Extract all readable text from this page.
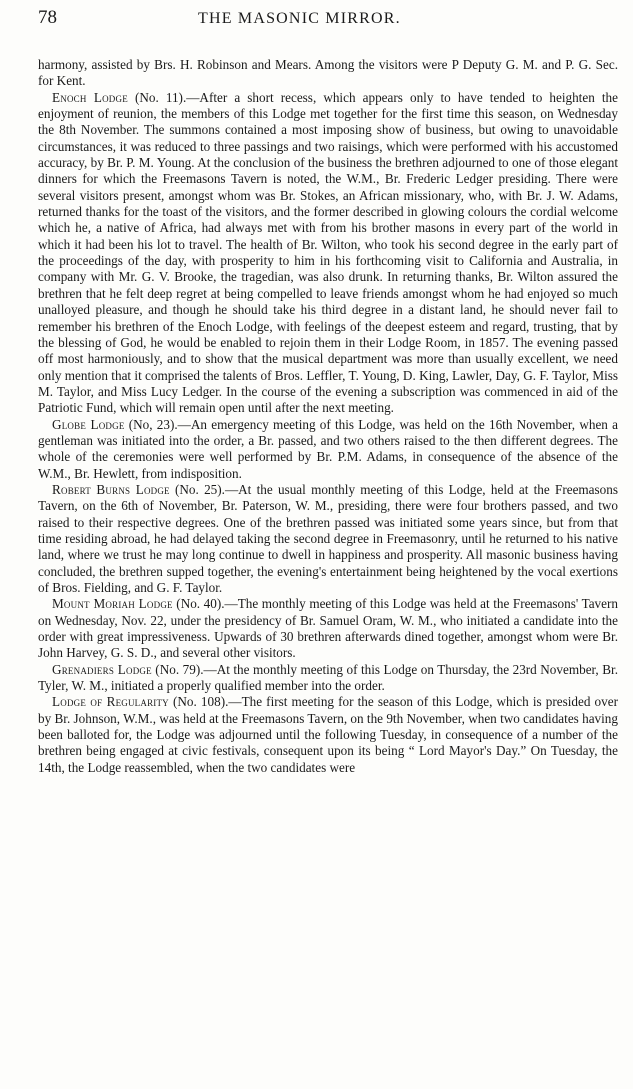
78	THE MASONIC MIRROR.

harmony, assisted by Brs. H. Robinson and Mears. Among the visitors were P Deputy G. M. and P. G. Sec. for Kent.

Enoch Lodge (No. 11).—After a short recess, which appears only to have tended to heighten the enjoyment of reunion, the members of this Lodge met together for the first time this season, on Wednesday the 8th November. The summons contained a most imposing show of business, but owing to unavoidable circumstances, it was reduced to three passings and two raisings, which were performed with his accustomed accuracy, by Br. P. M. Young. At the conclusion of the business the brethren adjourned to one of those elegant dinners for which the Freemasons Tavern is noted, the W.M., Br. Frederic Ledger presiding. There were several visitors present, amongst whom was Br. Stokes, an African missionary, who, with Br. J. W. Adams, returned thanks for the toast of the visitors, and the former described in glowing colours the cordial welcome which he, a native of Africa, had always met with from his brother masons in every part of the world in which it had been his lot to travel. The health of Br. Wilton, who took his second degree in the early part of the proceedings of the day, with prosperity to him in his forthcoming visit to California and Australia, in company with Mr. G. V. Brooke, the tragedian, was also drunk. In returning thanks, Br. Wilton assured the brethren that he felt deep regret at being compelled to leave friends amongst whom he had enjoyed so much unalloyed pleasure, and though he should take his third degree in a distant land, he should never fail to remember his brethren of the Enoch Lodge, with feelings of the deepest esteem and regard, trusting, that by the blessing of God, he would be enabled to rejoin them in their Lodge Room, in 1857. The evening passed off most harmoniously, and to show that the musical department was more than usually excellent, we need only mention that it comprised the talents of Bros. Leffler, T. Young, D. King, Lawler, Day, G. F. Taylor, Miss M. Taylor, and Miss Lucy Ledger. In the course of the evening a subscription was commenced in aid of the Patriotic Fund, which will remain open until after the next meeting.

Globe Lodge (No, 23).—An emergency meeting of this Lodge, was held on the 16th November, when a gentleman was initiated into the order, a Br. passed, and two others raised to the then different degrees. The whole of the ceremonies were well performed by Br. P.M. Adams, in consequence of the absence of the W.M., Br. Hewlett, from indisposition.

Robert Burns Lodge (No. 25).—At the usual monthly meeting of this Lodge, held at the Freemasons Tavern, on the 6th of November, Br. Paterson, W. M., presiding, there were four brothers passed, and two raised to their respective degrees. One of the brethren passed was initiated some years since, but from that time residing abroad, he had delayed taking the second degree in Freemasonry, until he returned to his native land, where we trust he may long continue to dwell in happiness and prosperity. All masonic business having concluded, the brethren supped together, the evening's entertainment being heightened by the vocal exertions of Bros. Fielding, and G. F. Taylor.

Mount Moriah Lodge (No. 40).—The monthly meeting of this Lodge was held at the Freemasons' Tavern on Wednesday, Nov. 22, under the presidency of Br. Samuel Oram, W. M., who initiated a candidate into the order with great impressiveness. Upwards of 30 brethren afterwards dined together, amongst whom were Br. John Harvey, G. S. D., and several other visitors.

Grenadiers Lodge (No. 79).—At the monthly meeting of this Lodge on Thursday, the 23rd November, Br. Tyler, W. M., initiated a properly qualified member into the order.

Lodge of Regularity (No. 108).—The first meeting for the season of this Lodge, which is presided over by Br. Johnson, W.M., was held at the Freemasons Tavern, on the 9th November, when two candidates having been balloted for, the Lodge was adjourned until the following Tuesday, in consequence of a number of the brethren being engaged at civic festivals, consequent upon its being “ Lord Mayor's Day.” On Tuesday, the 14th, the Lodge reassembled, when the two candidates were
